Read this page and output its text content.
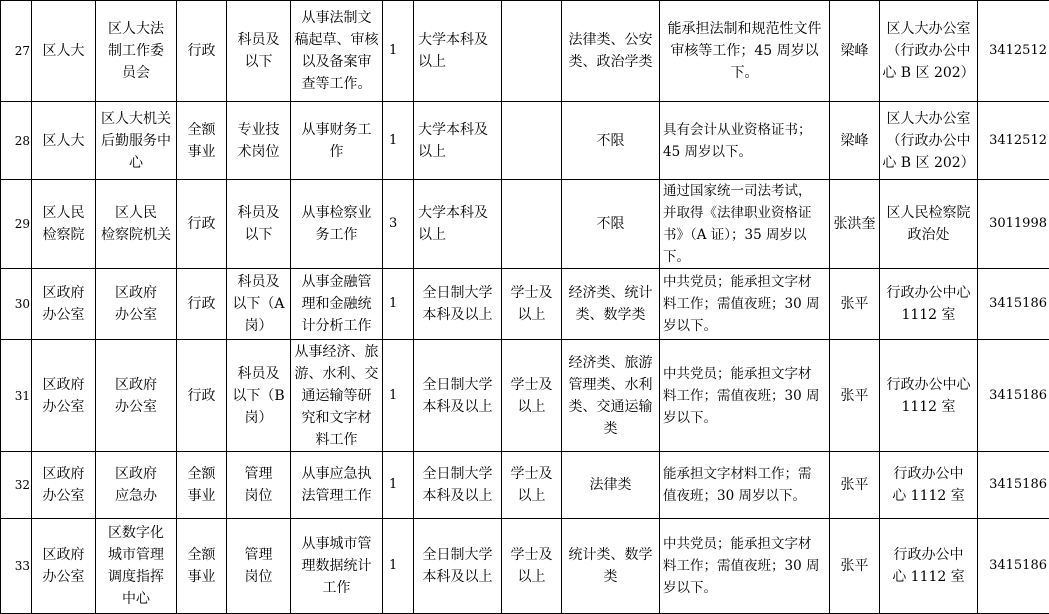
27	区人大	区人大法
制工作委
员会	行政	科员及
以下	从事法制文
稿起草、审核
以及备案审
查等工作。	1	大学本科及
以上		法律类、公安
类、政治学类	能承担法制和规范性文件
审核等工作；45 周岁以
下。	梁峰	区人大办公室
（行政办公中
心 B 区 202）	3412512
28	区人大	区人大机关
后勤服务中
心	全额
事业	专业技
术岗位	从事财务工
作	1	大学本科及
以上		不限	具有会计从业资格证书；
45 周岁以下。	梁峰	区人大办公室
（行政办公中
心 B 区 202）	3412512
29	区人民
检察院	区人民
检察院机关	行政	科员及
以下	从事检察业
务工作	3	大学本科及
以上		不限	通过国家统一司法考试，
并取得《法律职业资格证
书》（A 证）；35 周岁以下。	张洪奎	区人民检察院
政治处	3011998
30	区政府
办公室	区政府
办公室	行政	科员及
以下（A
岗）	从事金融管
理和金融统
计分析工作	1	全日制大学
本科及以上	学士及
以上	经济类、统计
类、数学类	中共党员；能承担文字材
料工作；需值夜班；30 周
岁以下。	张平	行政办公中心
1112 室	3415186
31	区政府
办公室	区政府
办公室	行政	科员及
以下（B
岗）	从事经济、旅
游、水利、交
通运输等研
究和文字材
料工作	1	全日制大学
本科及以上	学士及
以上	经济类、旅游
管理类、水利
类、交通运输
类	中共党员；能承担文字材
料工作；需值夜班；30 周
岁以下。	张平	行政办公中心
1112 室	3415186
32	区政府
办公室	区政府
应急办	全额
事业	管理
岗位	从事应急执
法管理工作	1	全日制大学
本科及以上	学士及
以上	法律类	能承担文字材料工作；需
值夜班；30 周岁以下。	张平	行政办公中
心 1112 室	3415186
33	区政府
办公室	区数字化
城市管理
调度指挥
中心	全额
事业	管理
岗位	从事城市管
理数据统计
工作	1	全日制大学
本科及以上	学士及
以上	统计类、数学
类	中共党员；能承担文字材
料工作；需值夜班；30 周
岁以下。	张平	行政办公中
心 1112 室	3415186
